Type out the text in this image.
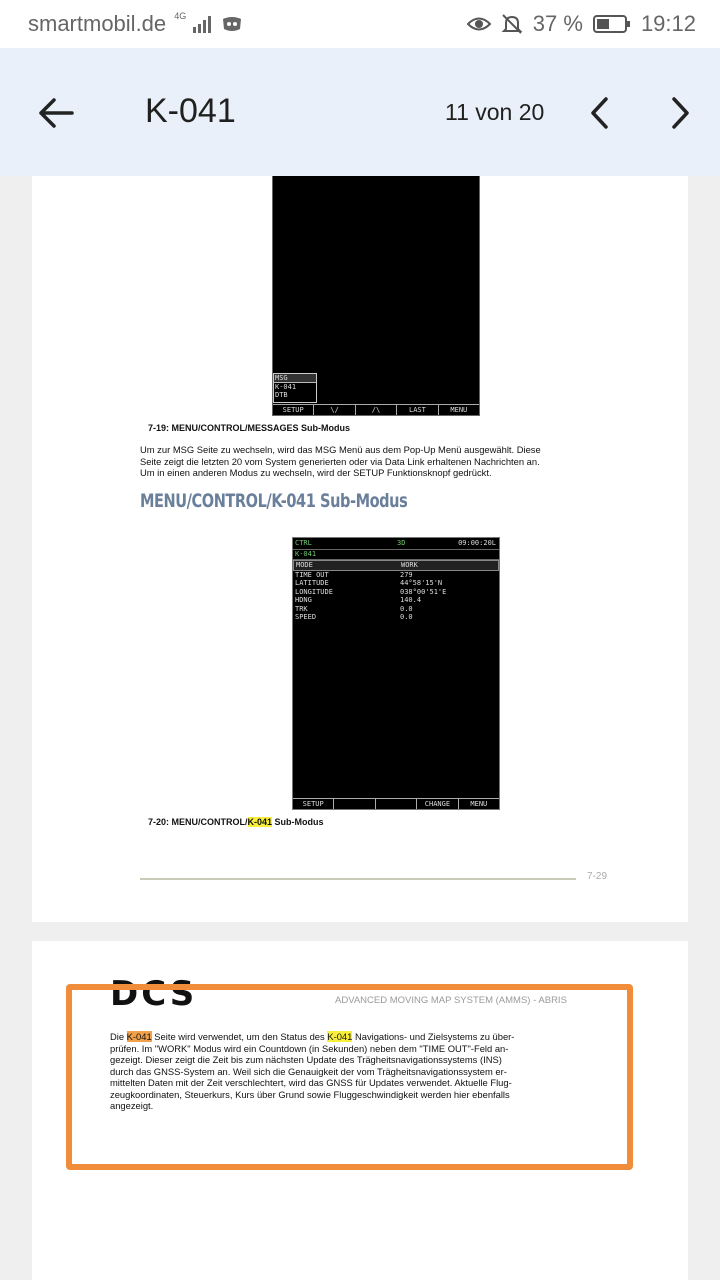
smartmobil.de $^{4G}$	37 %	19:12
K-041	11 von 20
MSG
K-041
DTB
SETUP	\/	/\	LAST	MENU
7-19: MENU/CONTROL/MESSAGES Sub-Modus
Um zur MSG Seite zu wechseln, wird das MSG Menü aus dem Pop-Up Menü ausgewählt. Diese
Seite zeigt die letzten 20 vom System generierten oder via Data Link erhaltenen Nachrichten an.
Um in einen anderen Modus zu wechseln, wird der SETUP Funktionsknopf gedrückt.
MENU/CONTROL/K-041 Sub-Modus
CTRL	3D	09:00:20L
K-041
MODE	WORK
TIME OUT	279
LATITUDE	44°58'15'N
LONGITUDE	038°00'51'E
HDNG	140.4
TRK	0.0
SPEED	0.0
SETUP	CHANGE	MENU
7-20: MENU/CONTROL/K-041 Sub-Modus
7-29
DCS	ADVANCED MOVING MAP SYSTEM (AMMS) - ABRIS
Die K-041 Seite wird verwendet, um den Status des K-041 Navigations- und Zielsystems zu über-
prüfen. Im "WORK" Modus wird ein Countdown (in Sekunden) neben dem "TIME OUT"-Feld an-
gezeigt. Dieser zeigt die Zeit bis zum nächsten Update des Trägheitsnavigationssystems (INS)
durch das GNSS-System an. Weil sich die Genauigkeit der vom Trägheitsnavigationssystem er-
mittelten Daten mit der Zeit verschlechtert, wird das GNSS für Updates verwendet. Aktuelle Flug-
zeugkoordinaten, Steuerkurs, Kurs über Grund sowie Fluggeschwindigkeit werden hier ebenfalls
angezeigt.
